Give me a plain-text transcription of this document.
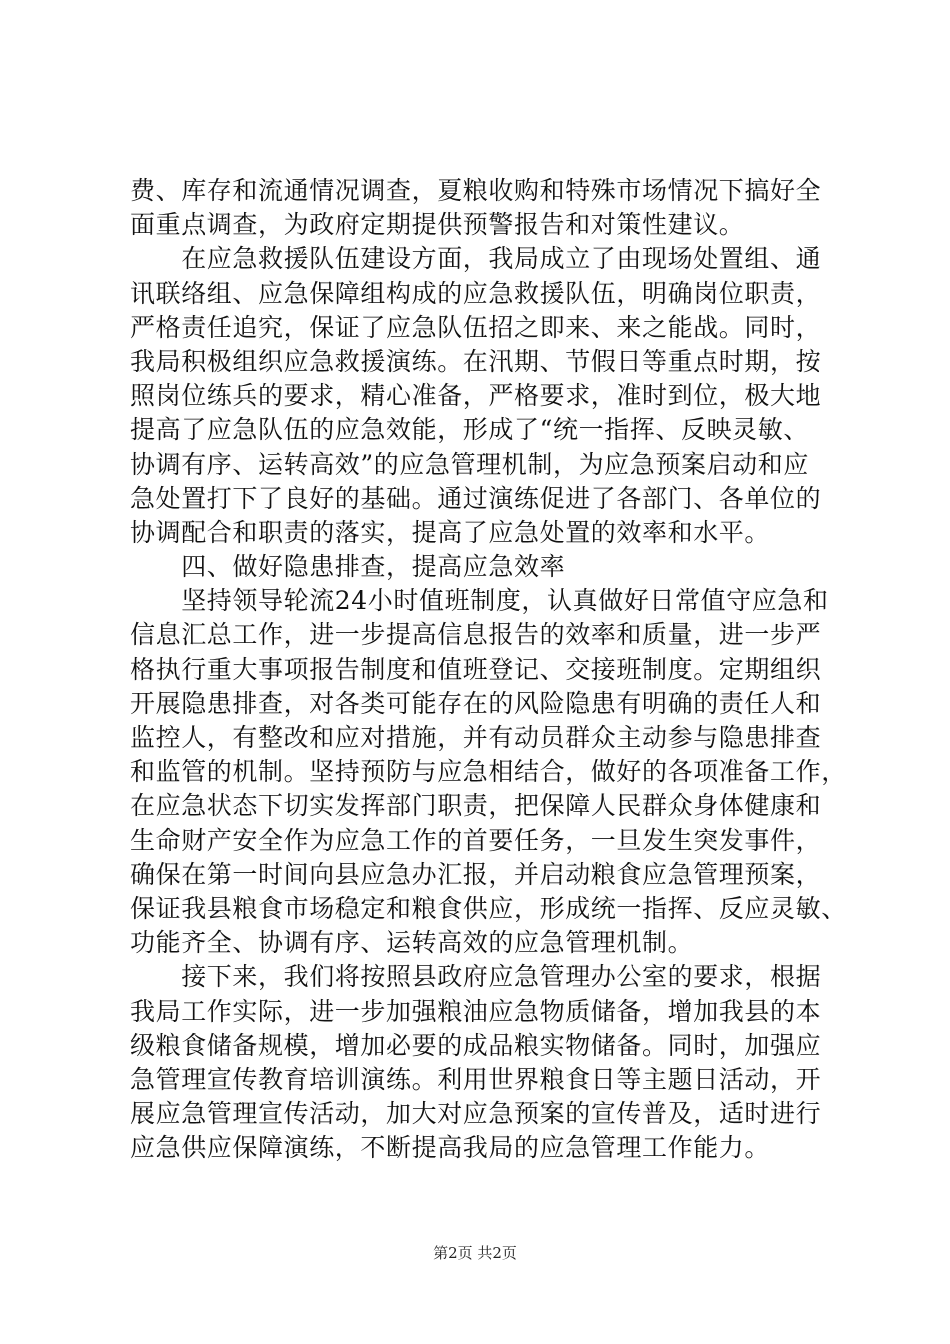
费、库存和流通情况调查，夏粮收购和特殊市场情况下搞好全
面重点调查，为政府定期提供预警报告和对策性建议。
　　在应急救援队伍建设方面，我局成立了由现场处置组、通
讯联络组、应急保障组构成的应急救援队伍，明确岗位职责，
严格责任追究，保证了应急队伍招之即来、来之能战。同时，
我局积极组织应急救援演练。在汛期、节假日等重点时期，按
照岗位练兵的要求，精心准备，严格要求，准时到位，极大地
提高了应急队伍的应急效能，形成了“统一指挥、反映灵敏、
协调有序、运转高效”的应急管理机制，为应急预案启动和应
急处置打下了良好的基础。通过演练促进了各部门、各单位的
协调配合和职责的落实，提高了应急处置的效率和水平。
　　四、做好隐患排查，提高应急效率
　　坚持领导轮流24小时值班制度，认真做好日常值守应急和
信息汇总工作，进一步提高信息报告的效率和质量，进一步严
格执行重大事项报告制度和值班登记、交接班制度。定期组织
开展隐患排查，对各类可能存在的风险隐患有明确的责任人和
监控人，有整改和应对措施，并有动员群众主动参与隐患排查
和监管的机制。坚持预防与应急相结合，做好的各项准备工作，
在应急状态下切实发挥部门职责，把保障人民群众身体健康和
生命财产安全作为应急工作的首要任务，一旦发生突发事件，
确保在第一时间向县应急办汇报，并启动粮食应急管理预案，
保证我县粮食市场稳定和粮食供应，形成统一指挥、反应灵敏、
功能齐全、协调有序、运转高效的应急管理机制。
　　接下来，我们将按照县政府应急管理办公室的要求，根据
我局工作实际，进一步加强粮油应急物质储备，增加我县的本
级粮食储备规模，增加必要的成品粮实物储备。同时，加强应
急管理宣传教育培训演练。利用世界粮食日等主题日活动，开
展应急管理宣传活动，加大对应急预案的宣传普及，适时进行
应急供应保障演练，不断提高我局的应急管理工作能力。
第2页 共2页
